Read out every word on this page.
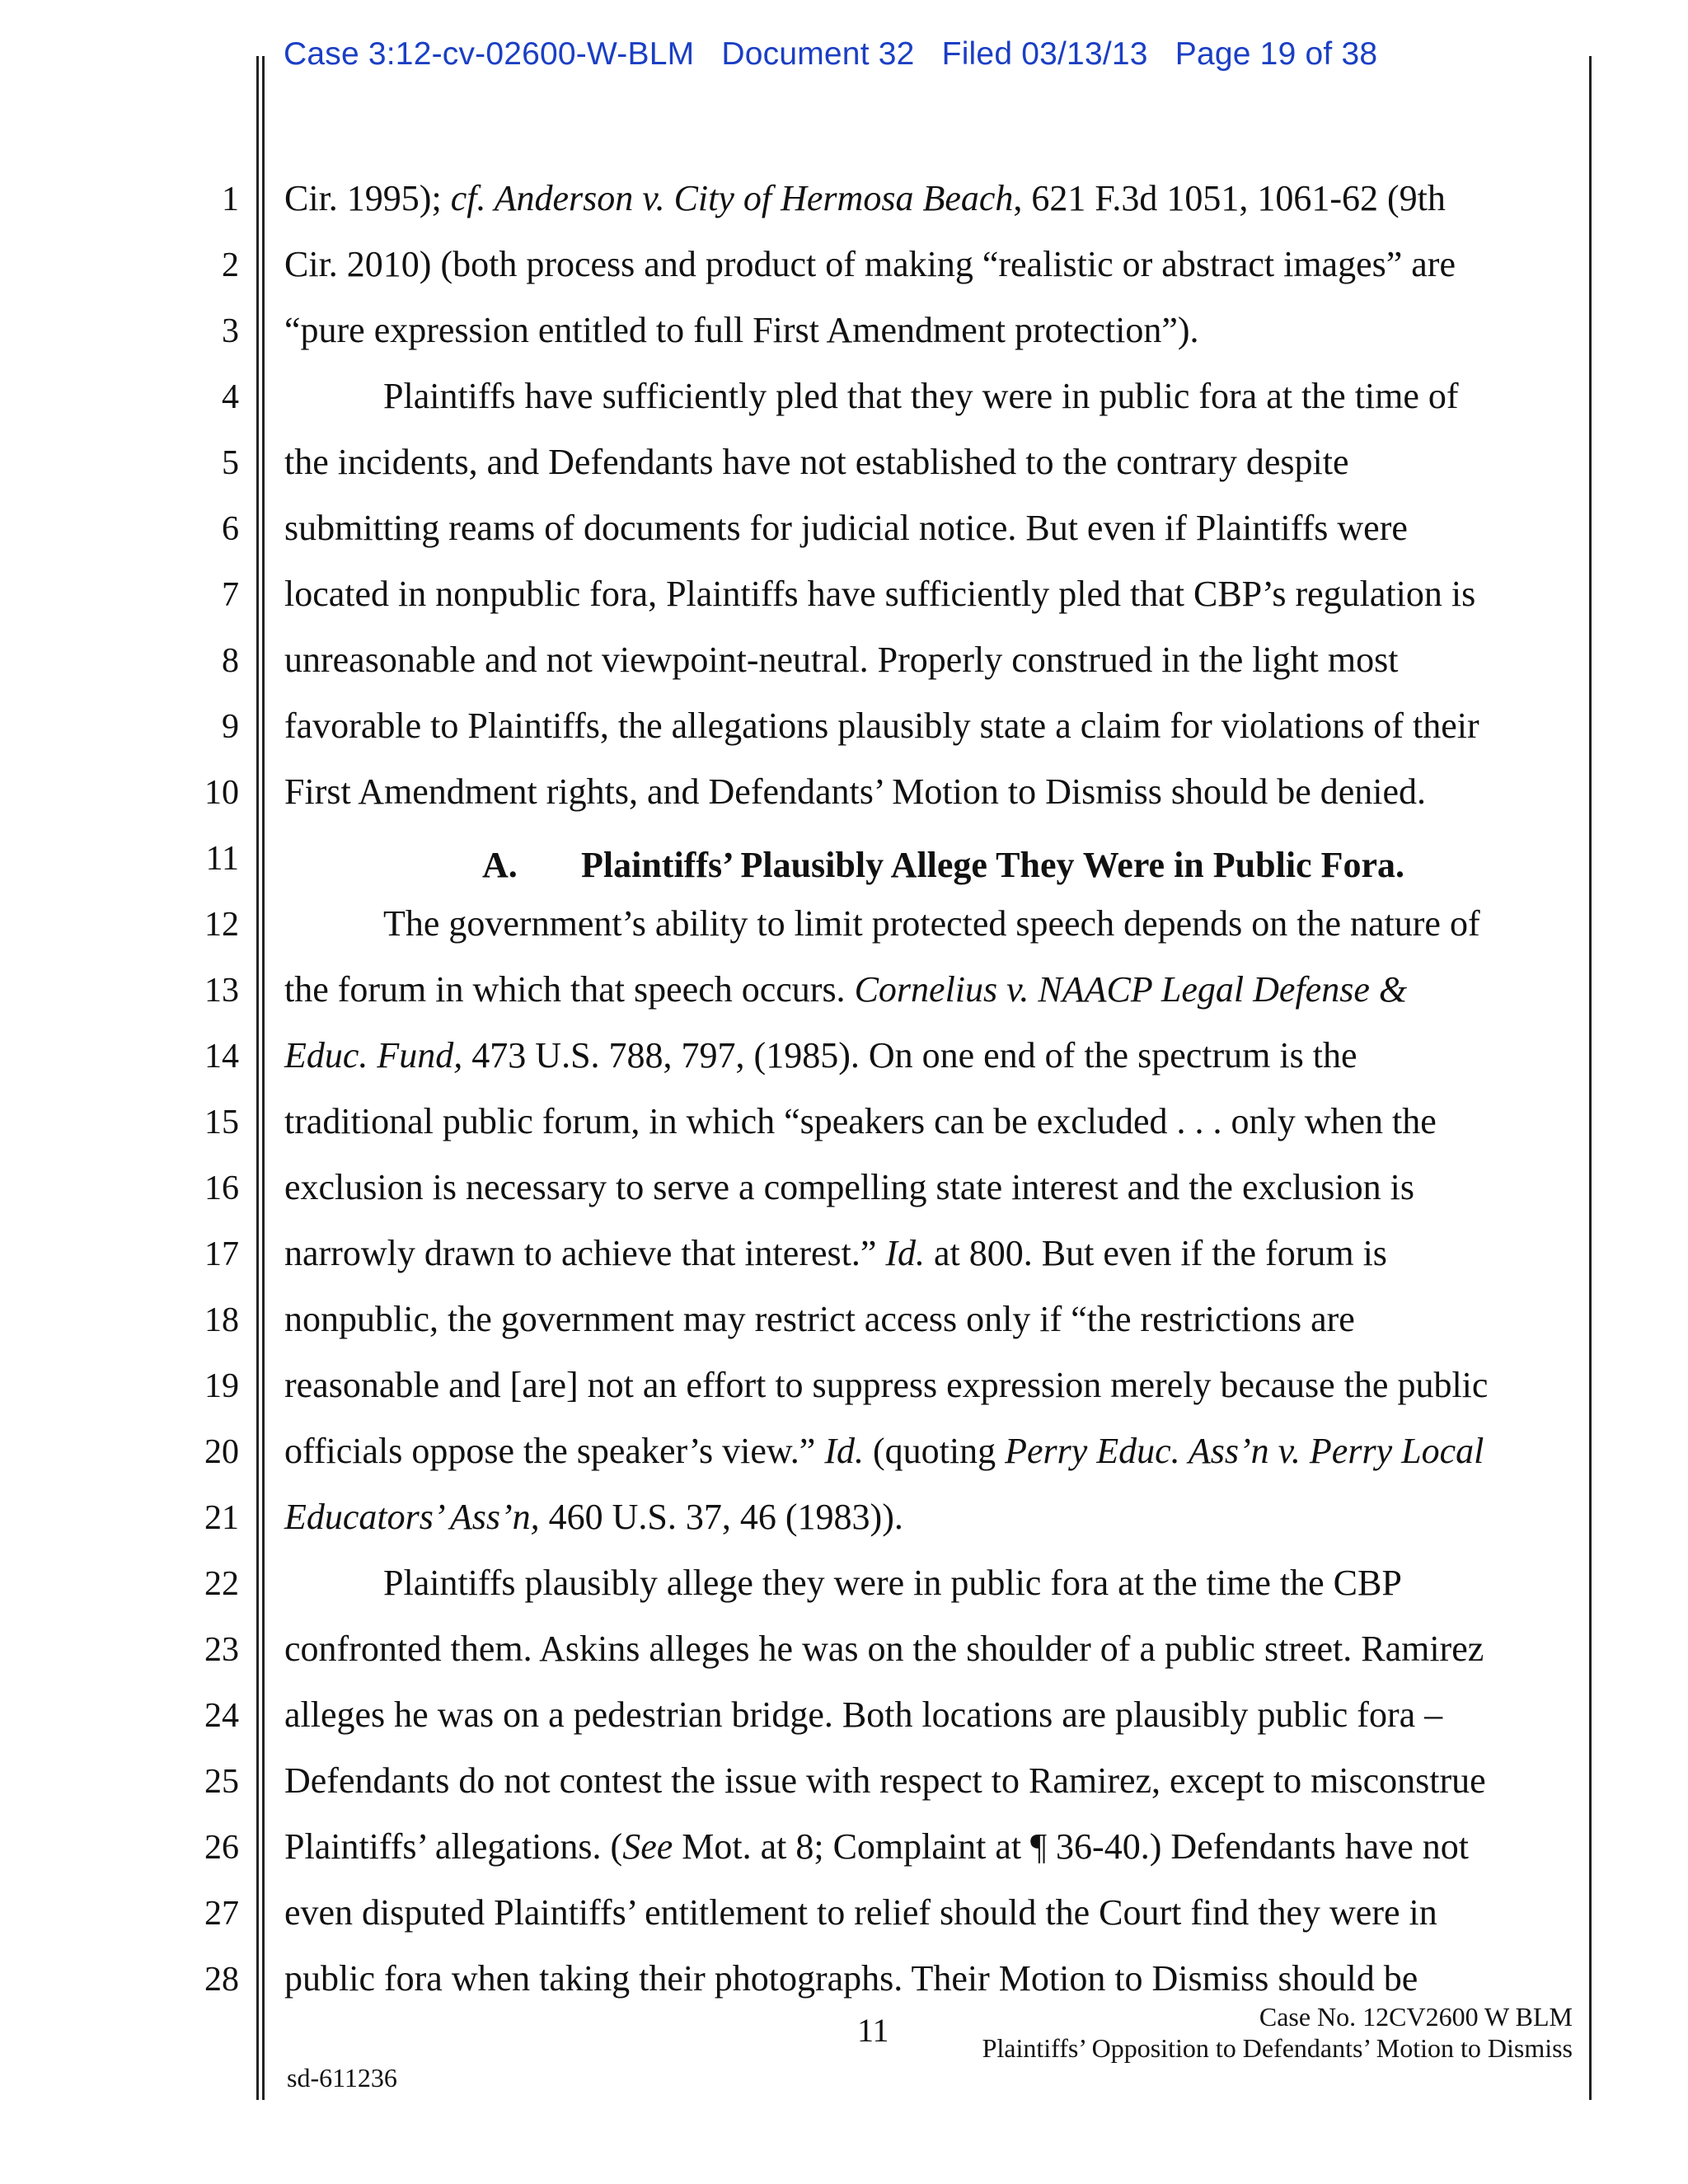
Case 3:12-cv-02600-W-BLM Document 32 Filed 03/13/13 Page 19 of 38
1
2
3
4
5
6
7
8
9
10
11
12
13
14
15
16
17
18
19
20
21
22
23
24
25
26
27
28
Cir. 1995); cf. Anderson v. City of Hermosa Beach, 621 F.3d 1051, 1061-62 (9th
Cir. 2010) (both process and product of making “realistic or abstract images” are
“pure expression entitled to full First Amendment protection”).
Plaintiffs have sufficiently pled that they were in public fora at the time of
the incidents, and Defendants have not established to the contrary despite
submitting reams of documents for judicial notice. But even if Plaintiffs were
located in nonpublic fora, Plaintiffs have sufficiently pled that CBP’s regulation is
unreasonable and not viewpoint-neutral. Properly construed in the light most
favorable to Plaintiffs, the allegations plausibly state a claim for violations of their
First Amendment rights, and Defendants’ Motion to Dismiss should be denied.
A. Plaintiffs’ Plausibly Allege They Were in Public Fora.
The government’s ability to limit protected speech depends on the nature of
the forum in which that speech occurs. Cornelius v. NAACP Legal Defense &
Educ. Fund, 473 U.S. 788, 797, (1985). On one end of the spectrum is the
traditional public forum, in which “speakers can be excluded . . . only when the
exclusion is necessary to serve a compelling state interest and the exclusion is
narrowly drawn to achieve that interest.” Id. at 800. But even if the forum is
nonpublic, the government may restrict access only if “the restrictions are
reasonable and [are] not an effort to suppress expression merely because the public
officials oppose the speaker’s view.” Id. (quoting Perry Educ. Ass’n v. Perry Local
Educators’ Ass’n, 460 U.S. 37, 46 (1983)).
Plaintiffs plausibly allege they were in public fora at the time the CBP
confronted them. Askins alleges he was on the shoulder of a public street. Ramirez
alleges he was on a pedestrian bridge. Both locations are plausibly public fora –
Defendants do not contest the issue with respect to Ramirez, except to misconstrue
Plaintiffs’ allegations. (See Mot. at 8; Complaint at ¶ 36-40.) Defendants have not
even disputed Plaintiffs’ entitlement to relief should the Court find they were in
public fora when taking their photographs. Their Motion to Dismiss should be
11	Case No. 12CV2600 W BLM
Plaintiffs’ Opposition to Defendants’ Motion to Dismiss
sd-611236
